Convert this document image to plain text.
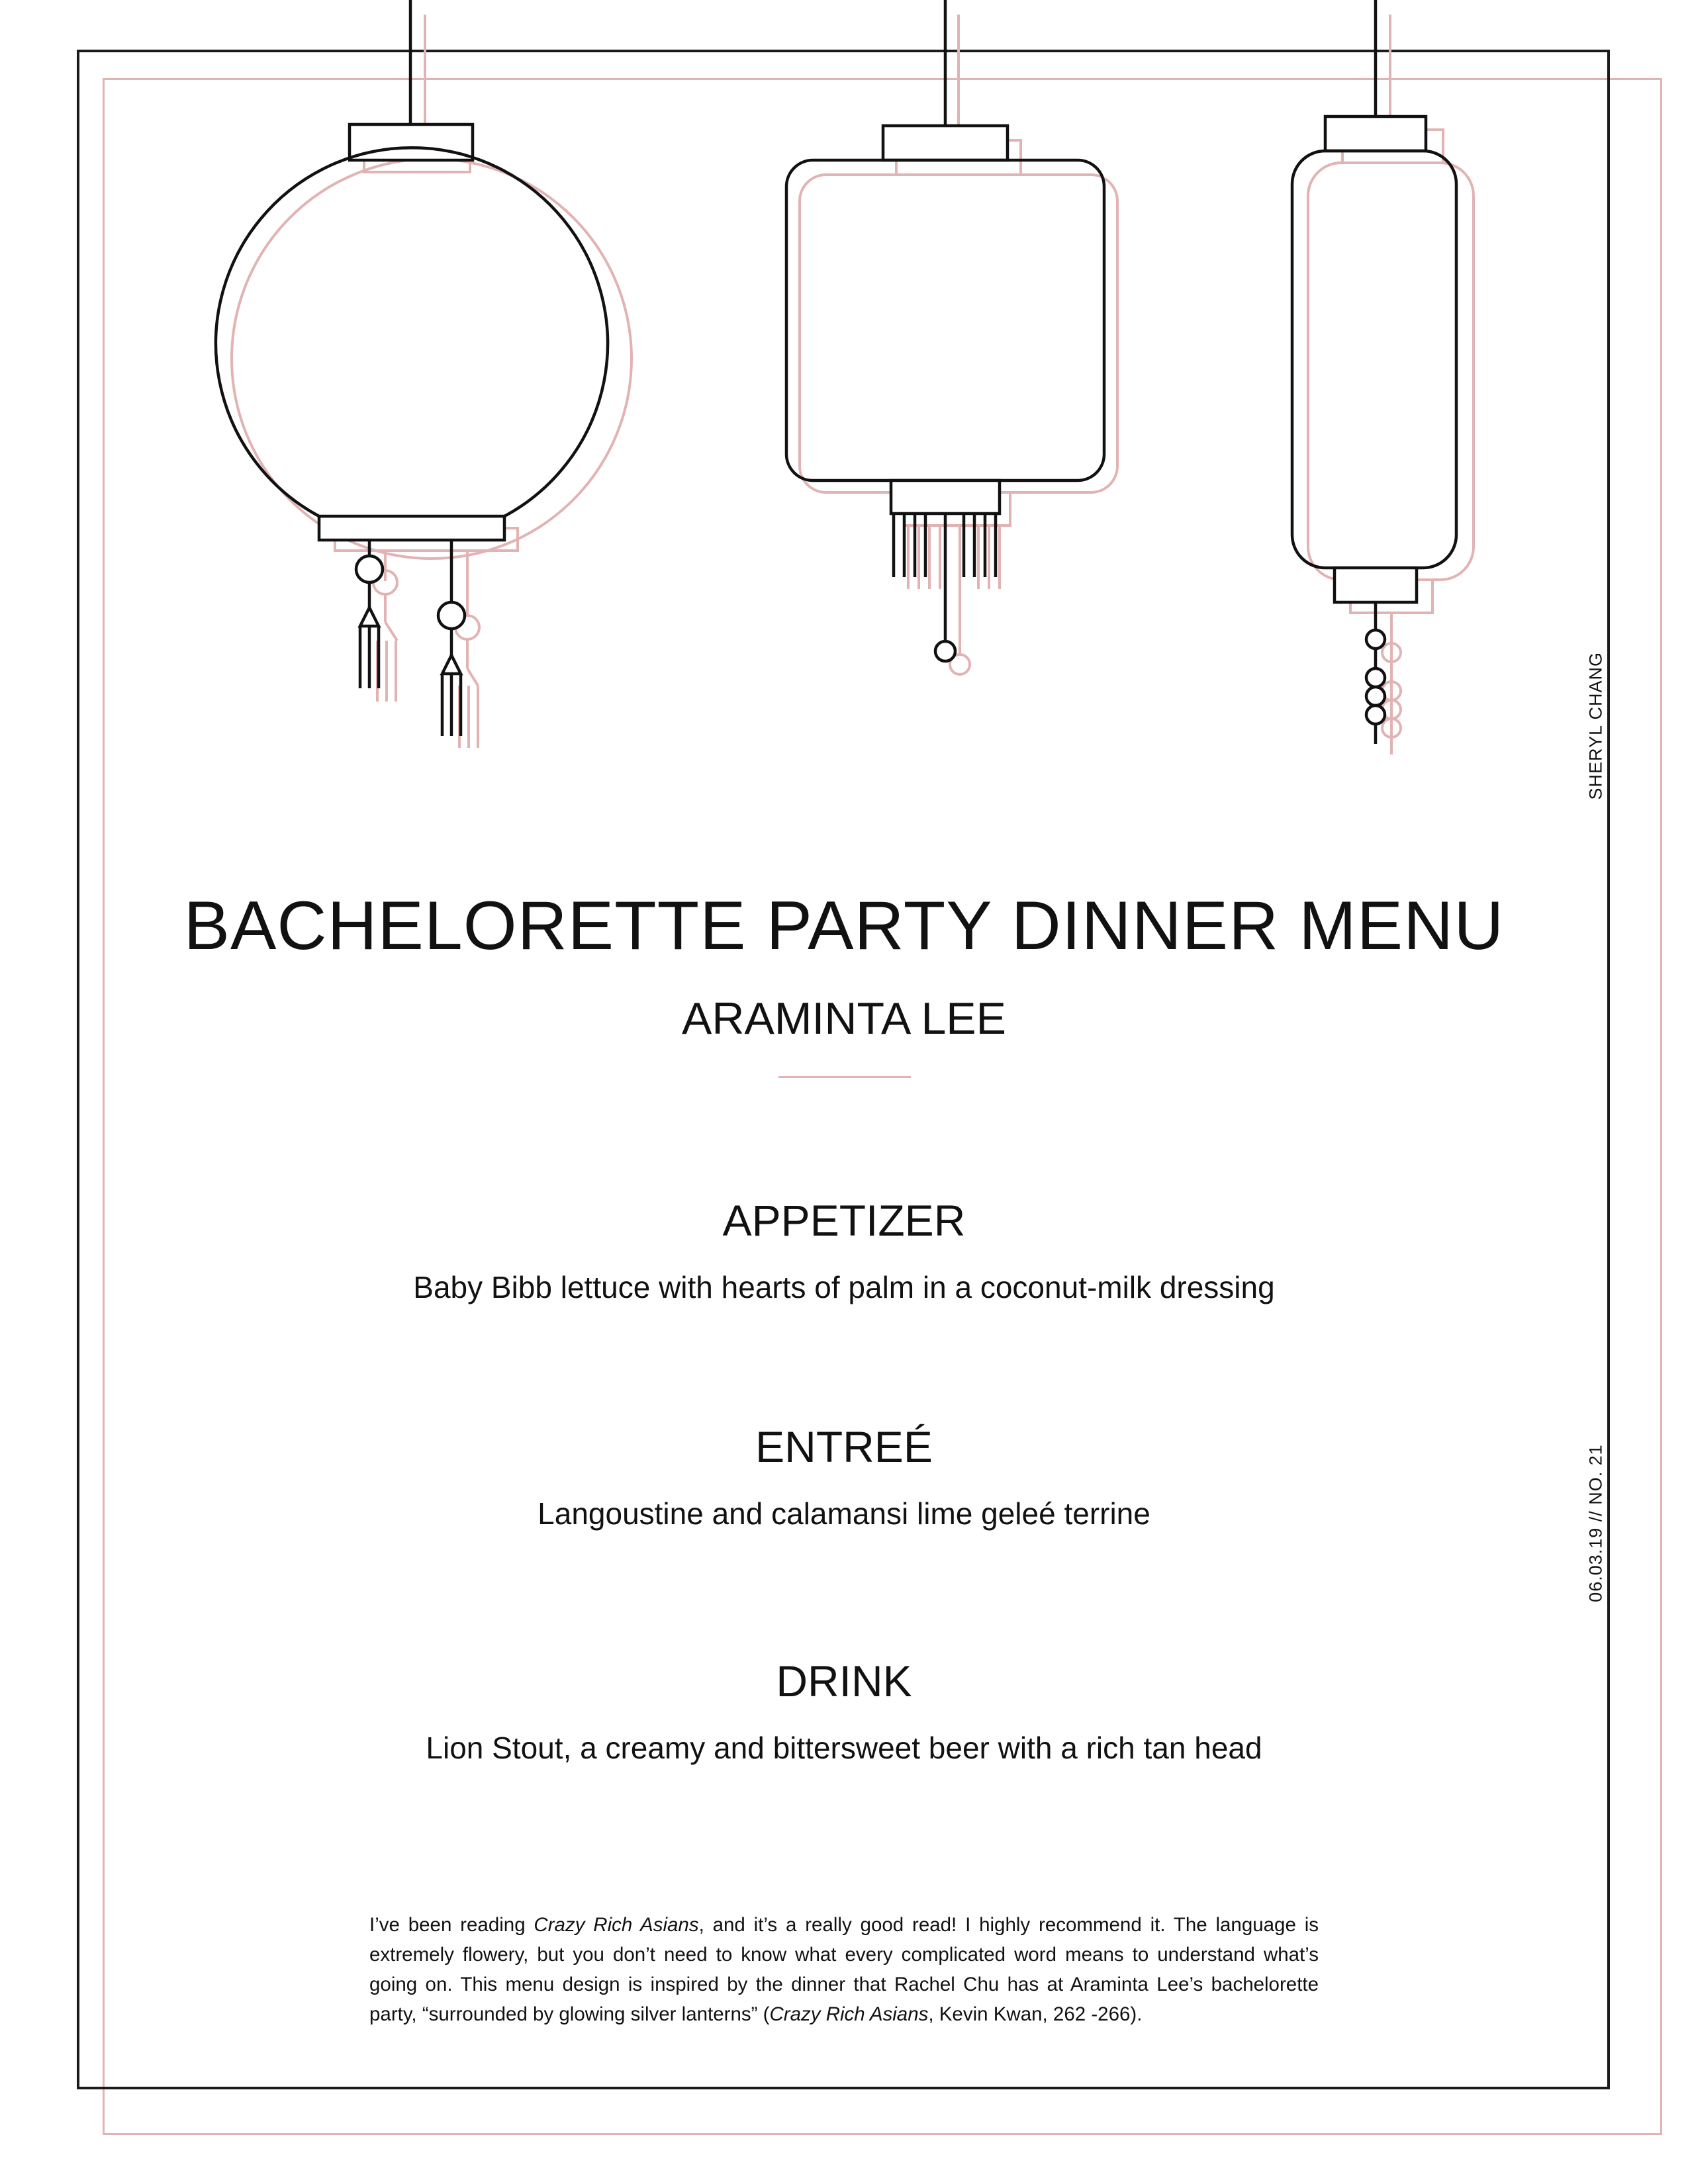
BACHELORETTE PARTY DINNER MENU
ARAMINTA LEE
APPETIZER
Baby Bibb lettuce with hearts of palm in a coconut-milk dressing
ENTREÉ
Langoustine and calamansi lime geleé terrine
DRINK
Lion Stout, a creamy and bittersweet beer with a rich tan head
I’ve been reading Crazy Rich Asians, and it’s a really good read! I highly recommend it. The language is extremely flowery, but you don’t need to know what every complicated word means to understand what’s going on. This menu design is inspired by the dinner that Rachel Chu has at Araminta Lee’s bachelorette party, “surrounded by glowing silver lanterns” (Crazy Rich Asians, Kevin Kwan, 262 -266).
SHERYL CHANG
06.03.19 // NO. 21
